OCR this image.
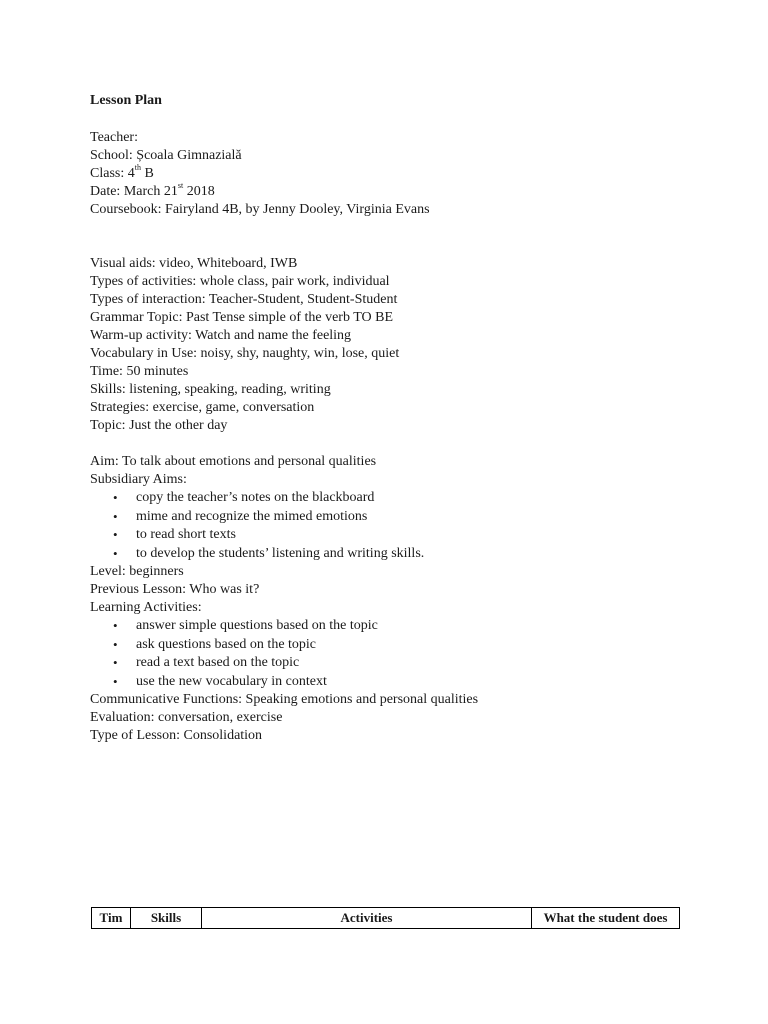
Lesson Plan
Teacher:
School: Școala Gimnazială
Class: 4th B
Date: March 21st 2018
Coursebook: Fairyland 4B, by Jenny Dooley, Virginia Evans
Visual aids: video, Whiteboard, IWB
Types of activities: whole class, pair work, individual
Types of interaction: Teacher-Student, Student-Student
Grammar Topic: Past Tense simple of the verb TO BE
Warm-up activity: Watch and name the feeling
Vocabulary in Use: noisy, shy, naughty, win, lose, quiet
Time: 50 minutes
Skills: listening, speaking, reading, writing
Strategies: exercise, game, conversation
Topic: Just the other day
Aim: To talk about emotions and personal qualities
Subsidiary Aims:
• copy the teacher’s notes on the blackboard
• mime and recognize the mimed emotions
• to read short texts
• to develop the students’ listening and writing skills.
Level: beginners
Previous Lesson: Who was it?
Learning Activities:
• answer simple questions based on the topic
• ask questions based on the topic
• read a text based on the topic
• use the new vocabulary in context
Communicative Functions: Speaking emotions and personal qualities
Evaluation: conversation, exercise
Type of Lesson: Consolidation
Tim	Skills	Activities	What the student does
